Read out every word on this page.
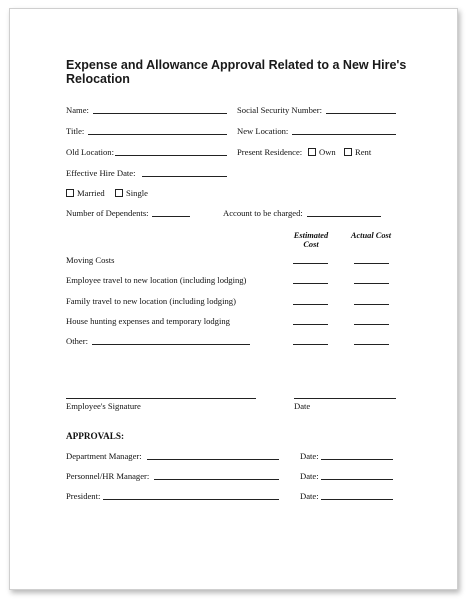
Expense and Allowance Approval Related to a New Hire's
Relocation
Name:	Social Security Number:
Title:	New Location:
Old Location:	Present Residence:	Own	Rent
Effective Hire Date:
Married	Single
Number of Dependents:	Account to be charged:
Estimated
Cost
Actual Cost
Moving Costs
Employee travel to new location (including lodging)
Family travel to new location (including lodging)
House hunting expenses and temporary lodging
Other:
Employee's Signature	Date
APPROVALS:
Department Manager:	Date:
Personnel/HR Manager:	Date:
President:	Date:
